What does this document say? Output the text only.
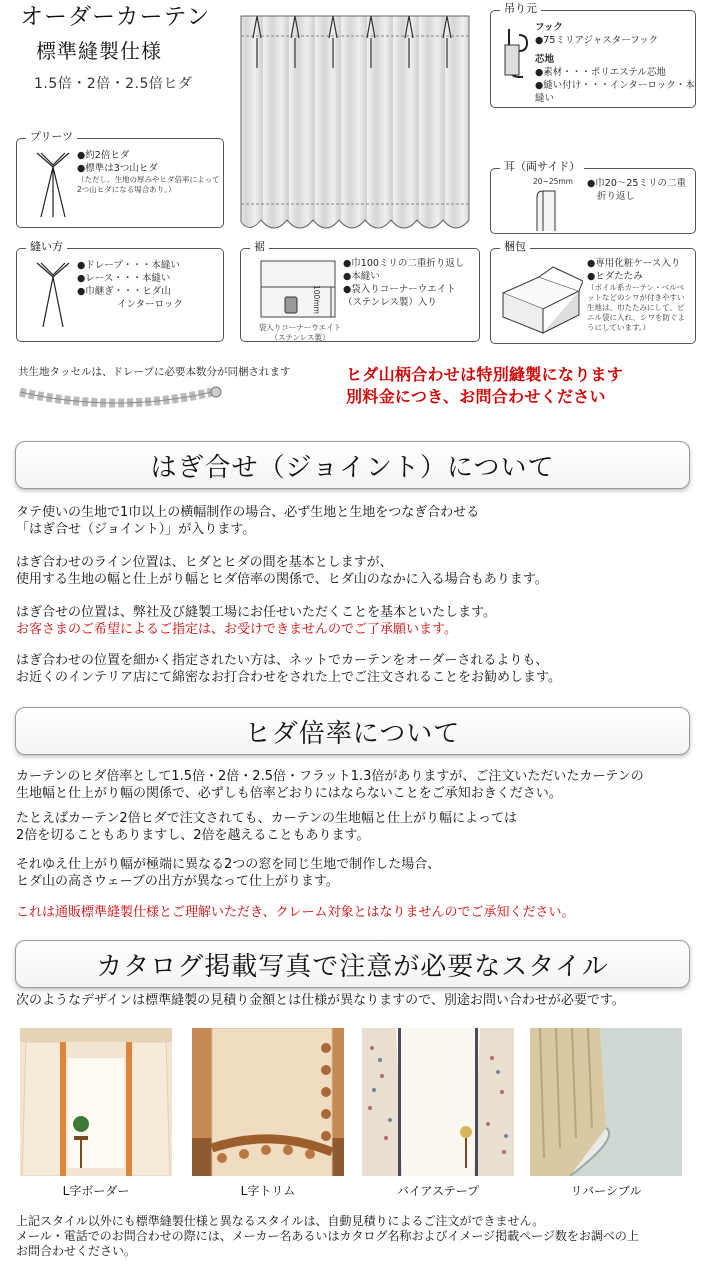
オーダーカーテン
標準縫製仕様
1.5倍・2倍・2.5倍ヒダ
●約2倍ヒダ
●標準は3つ山ヒダ
（ただし、生地の厚みやヒダ倍率によって
2つ山ヒダになる場合あり。）
プリーツ
●ドレープ・・・本縫い
●レース・・・本縫い
●巾継ぎ・・・ヒダ山
インターロック
縫い方
100mm
袋入りコーナーウエイト
（ステンレス製）
●巾100ミリの二重折り返し
●本縫い
●袋入りコーナーウエイト
（ステンレス製）入り
裾
フック
●75ミリアジャスターフック
芯地
●素材・・・ポリエステル芯地
●縫い付け・・・インターロック・本縫い
吊り元
20~25mm ●巾20～25ミリの二重
折り返し
耳（両サイド）
●専用化粧ケース入り
●ヒダたたみ
（ボイル系カーテン・ベルベ
ットなどのシワが付きやすい
生地は、巾たたみにして、ビ
ニル袋に入れ、シワを防ぐよ
うにしています。）
梱包
共生地タッセルは、ドレープに必要本数分が同梱されます	ヒダ山柄合わせは特別縫製になります
別料金につき、お問合わせください
はぎ合せ（ジョイント）について
タテ使いの生地で1巾以上の横幅制作の場合、必ず生地と生地をつなぎ合わせる
「はぎ合せ（ジョイント）」が入ります。
はぎ合わせのライン位置は、ヒダとヒダの間を基本としますが、
使用する生地の幅と仕上がり幅とヒダ倍率の関係で、ヒダ山のなかに入る場合もあります。
はぎ合せの位置は、弊社及び縫製工場にお任せいただくことを基本といたします。
お客さまのご希望によるご指定は、お受けできませんのでご了承願います。
はぎ合わせの位置を細かく指定されたい方は、ネットでカーテンをオーダーされるよりも、
お近くのインテリア店にて綿密なお打合わせをされた上でご注文されることをお勧めします。
ヒダ倍率について
カーテンのヒダ倍率として1.5倍・2倍・2.5倍・フラット1.3倍がありますが、ご注文いただいたカーテンの
生地幅と仕上がり幅の関係で、必ずしも倍率どおりにはならないことをご承知おきください。
たとえばカーテン2倍ヒダで注文されても、カーテンの生地幅と仕上がり幅によっては
2倍を切ることもありますし、2倍を越えることもあります。
それゆえ仕上がり幅が極端に異なる2つの窓を同じ生地で制作した場合、
ヒダ山の高さウェーブの出方が異なって仕上がります。
これは通販標準縫製仕様とご理解いただき、クレーム対象とはなりませんのでご承知ください。
カタログ掲載写真で注意が必要なスタイル
次のようなデザインは標準縫製の見積り金額とは仕様が異なりますので、別途お問い合わせが必要です。
L字ボーダー	L字トリム	バイアステープ	リバーシブル
上記スタイル以外にも標準縫製仕様と異なるスタイルは、自動見積りによるご注文ができません。
メール・電話でのお問合わせの際には、メーカー名あるいはカタログ名称およびイメージ掲載ページ数をお調べの上
お問合わせください。
